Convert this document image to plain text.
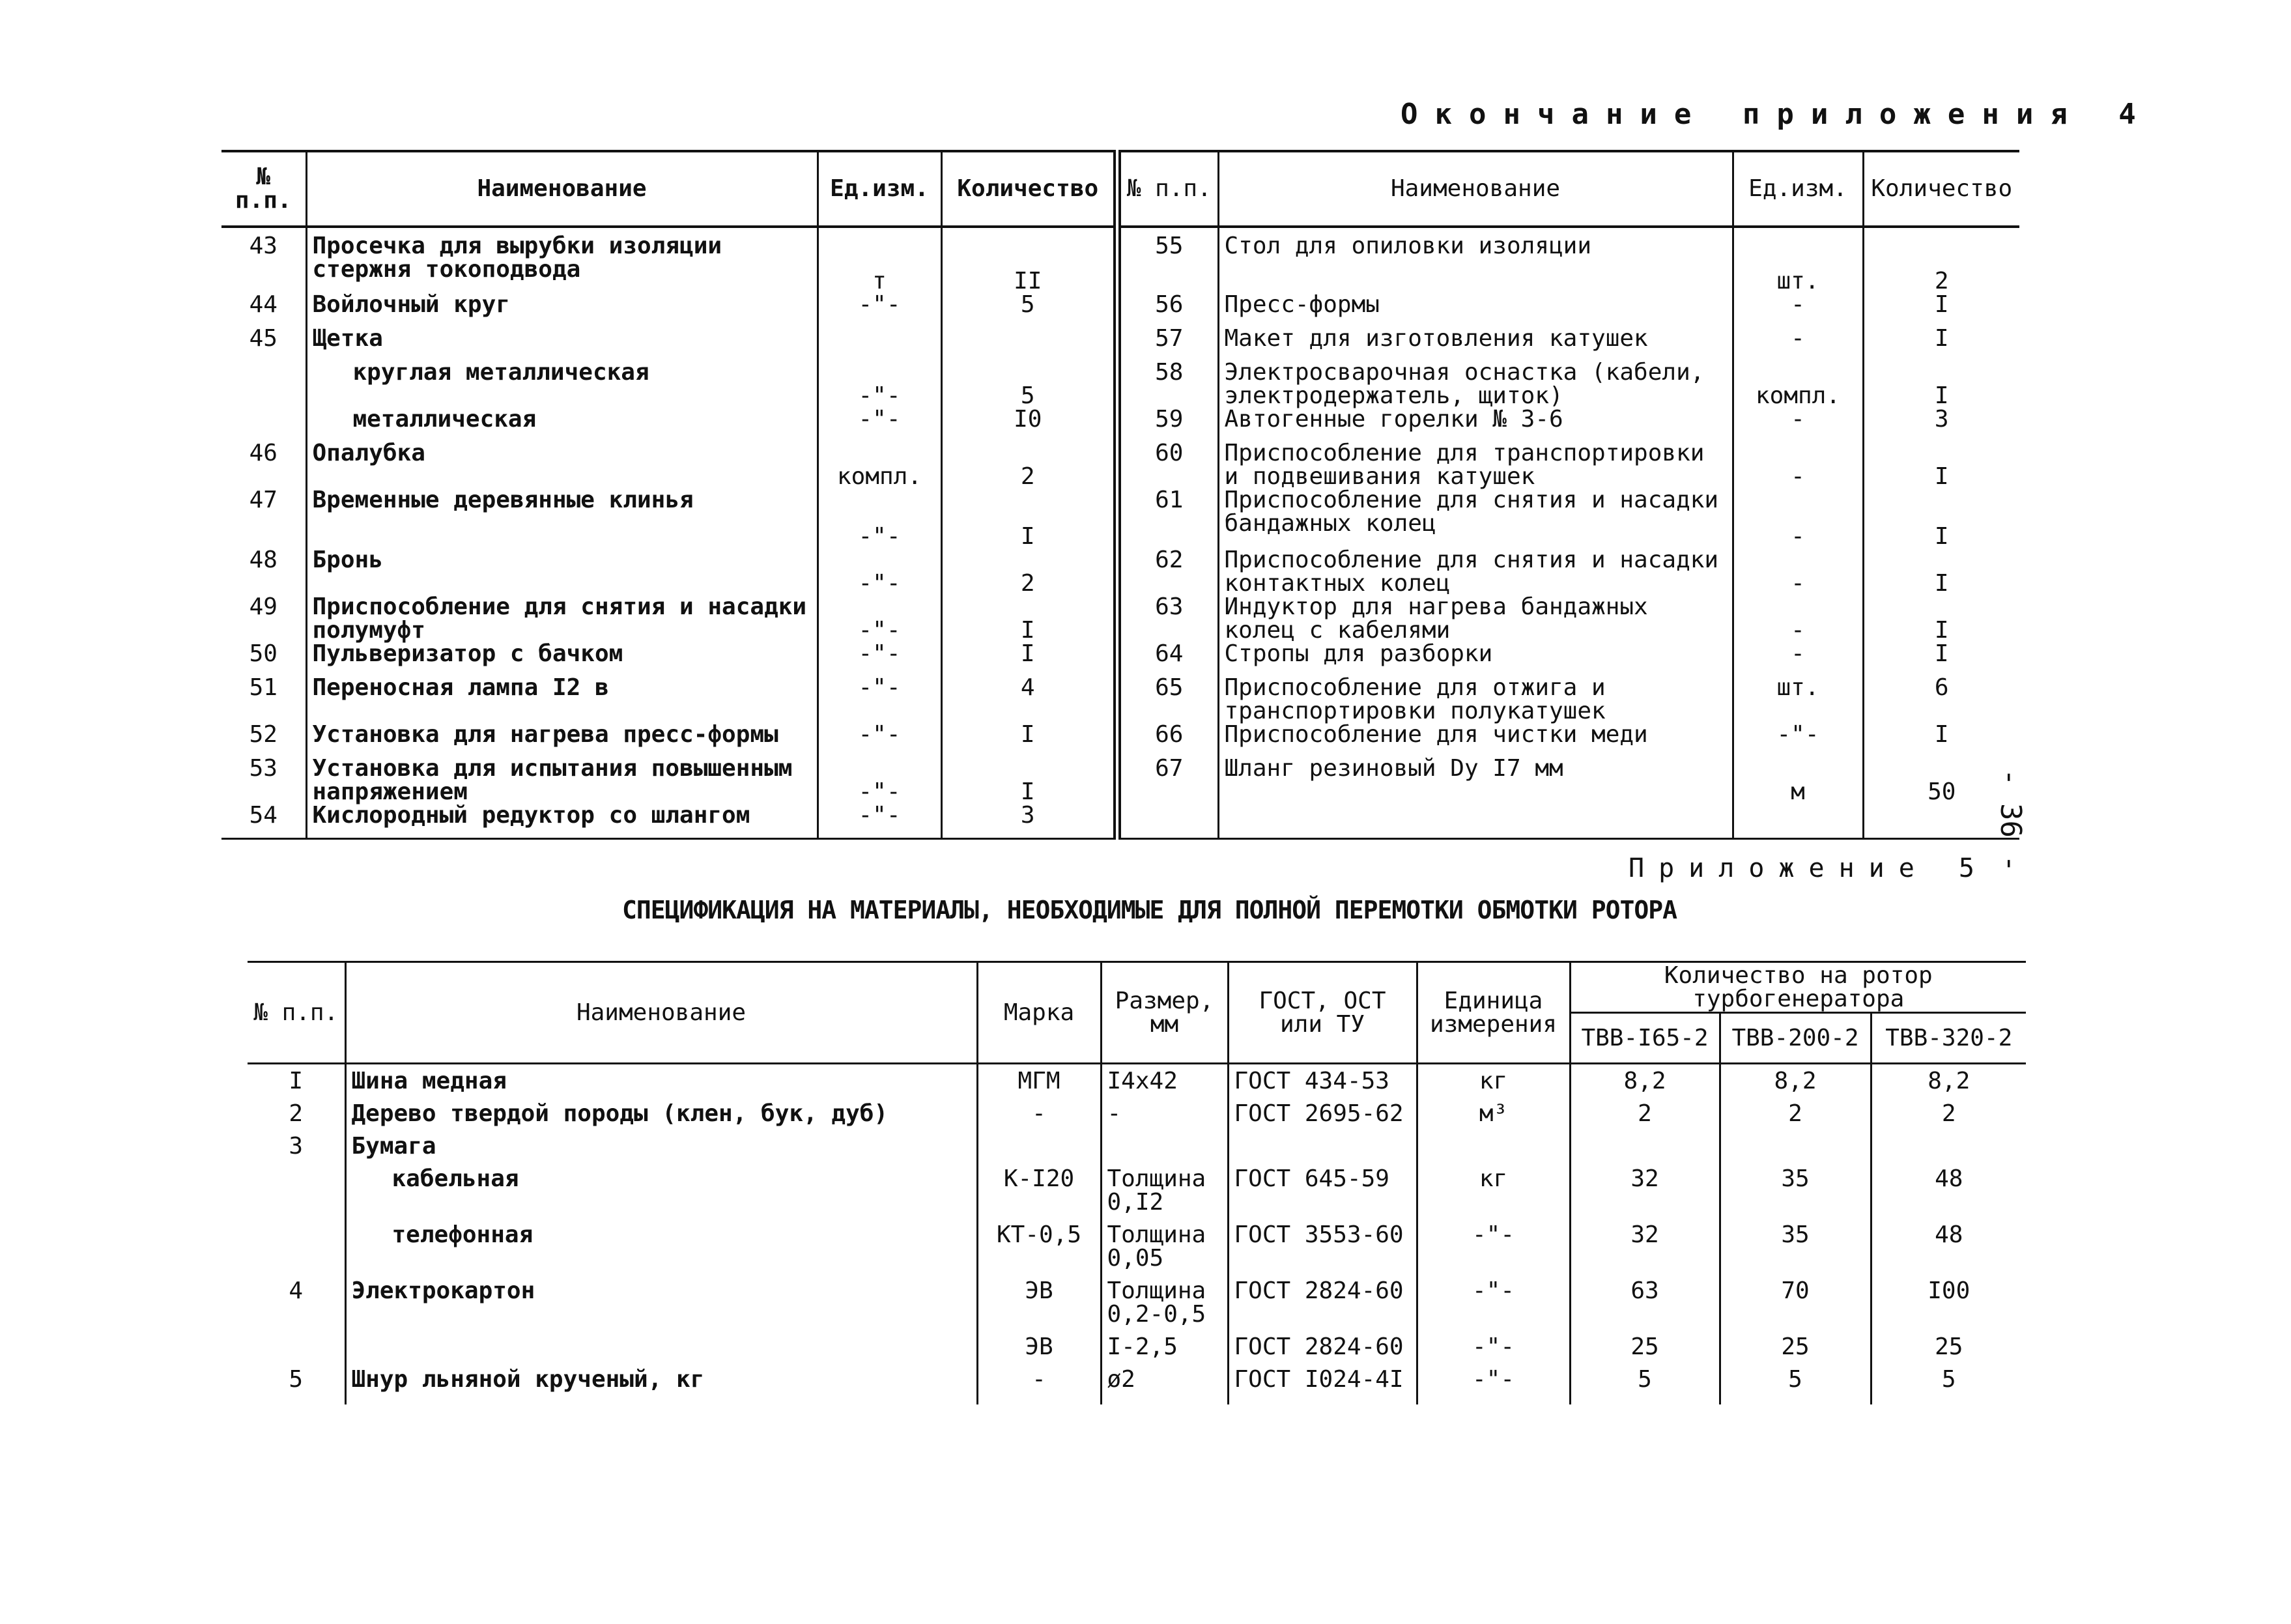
Окончание приложения 4
№ п.п.	Наименование	Ед.изм.	Количество	№ п.п.	Наименование	Ед.изм.	Количество
43	Просечка для вырубки изоляции стержня токоподвода	т	II	55	Стол для опиловки изоляции	шт.	2
44	Войлочный круг	-"-	5	56	Пресс-формы	-	I
45	Щетка			57	Макет для изготовления катушек	-	I
	круглая металлическая	-"-	5	58	Электросварочная оснастка (кабели, электродержатель, щиток)	компл.	I
	металлическая	-"-	I0	59	Автогенные горелки № 3-6	-	3
46	Опалубка	компл.	2	60	Приспособление для транспортировки и подвешивания катушек	-	I
47	Временные деревянные клинья	-"-	I	61	Приспособление для снятия и насадки бандажных колец	-	I
48	Бронь	-"-	2	62	Приспособление для снятия и насадки контактных колец	-	I
49	Приспособление для снятия и насадки полумуфт	-"-	I	63	Индуктор для нагрева бандажных колец с кабелями	-	I
50	Пульверизатор с бачком	-"-	I	64	Стропы для разборки	-	I
51	Переносная лампа I2 в	-"-	4	65	Приспособление для отжига и транспортировки полукатушек	шт.	6
52	Установка для нагрева пресс-формы	-"-	I	66	Приспособление для чистки меди	-"-	I
53	Установка для испытания повышенным напряжением	-"-	I	67	Шланг резиновый Dу I7 мм	м	50
54	Кислородный редуктор со шлангом	-"-	3					- 36 -
Приложение 5
СПЕЦИФИКАЦИЯ НА МАТЕРИАЛЫ, НЕОБХОДИМЫЕ ДЛЯ ПОЛНОЙ ПЕРЕМОТКИ ОБМОТКИ РОТОРА
№ п.п.	Наименование	Марка	Размер, мм	ГОСТ, ОСТ или ТУ	Единица измерения	Количество на ротор турбогенератора		
						ТВВ-I65-2	ТВВ-200-2	ТВВ-320-2
I	Шина медная	МГМ	I4x42	ГОСТ 434-53	кг	8,2	8,2	8,2
2	Дерево твердой породы (клен, бук, дуб)	-	-	ГОСТ 2695-62	м³	2	2	2
3	Бумага							
	кабельная	К-I20	Толщина 0,I2	ГОСТ 645-59	кг	32	35	48
	телефонная	КТ-0,5	Толщина 0,05	ГОСТ 3553-60	-"-	32	35	48
4	Электрокартон	ЭВ	Толщина 0,2-0,5	ГОСТ 2824-60	-"-	63	70	I00
		ЭВ	I-2,5	ГОСТ 2824-60	-"-	25	25	25
5	Шнур льняной крученый, кг	-	ø2	ГОСТ I024-4I	-"-	5	5	5
